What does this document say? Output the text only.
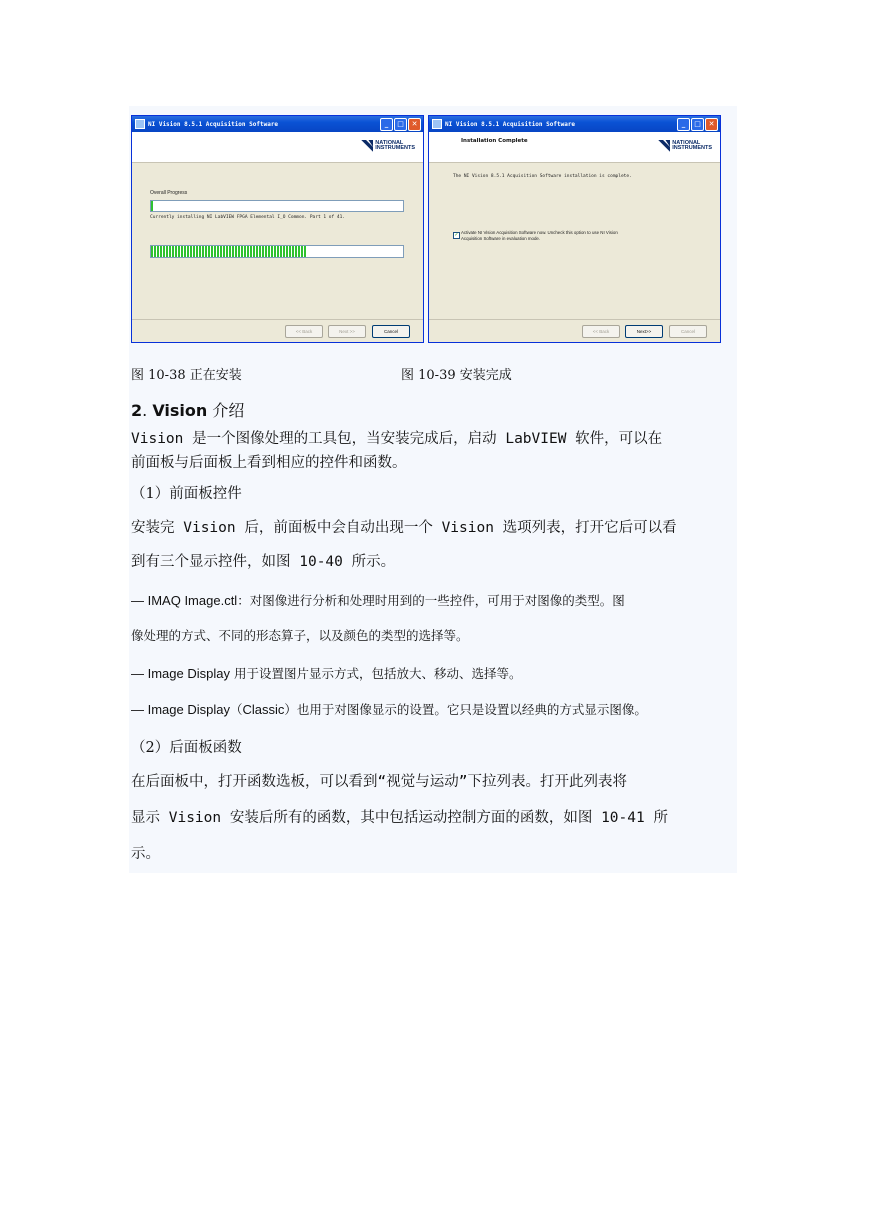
NI Vision 8.5.1 Acquisition Software	_	□	✕
NATIONAL
INSTRUMENTS
Overall Progress
Currently installing NI LabVIEW FPGA Elemental I_O Common. Part 1 of 41.
<< Back	Next >>	Cancel
NI Vision 8.5.1 Acquisition Software	_	□	✕
Installation Complete	NATIONAL
INSTRUMENTS
The NI Vision 8.5.1 Acquisition Software installation is complete.
✓ Activate NI Vision Acquisition Software now. Uncheck this option to use NI Vision
Acquisition Software in evaluation mode.
<< Back	Next>>	Cancel
图 10-38 正在安装	图 10-39 安装完成
2. Vision 介绍
Vision 是一个图像处理的工具包，当安装完成后，启动 LabVIEW 软件，可以在
前面板与后面板上看到相应的控件和函数。
（1）前面板控件
安装完 Vision 后，前面板中会自动出现一个 Vision 选项列表，打开它后可以看
到有三个显示控件，如图 10-40 所示。
— IMAQ Image.ctl：对图像进行分析和处理时用到的一些控件，可用于对图像的类型。图
像处理的方式、不同的形态算子，以及颜色的类型的选择等。
— Image Display 用于设置图片显示方式，包括放大、移动、选择等。
— Image Display（Classic）也用于对图像显示的设置。它只是设置以经典的方式显示图像。
（2）后面板函数
在后面板中，打开函数选板，可以看到“视觉与运动”下拉列表。打开此列表将
显示 Vision 安装后所有的函数，其中包括运动控制方面的函数，如图 10-41 所
示。
